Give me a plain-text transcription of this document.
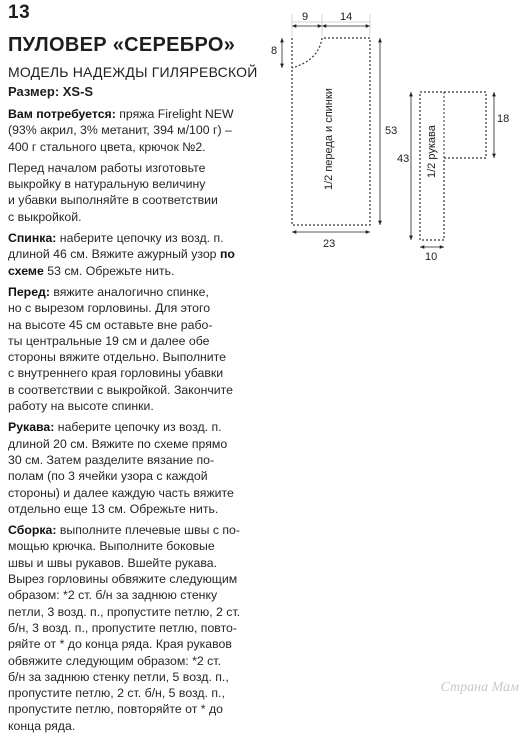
13
ПУЛОВЕР «СЕРЕБРО»
МОДЕЛЬ НАДЕЖДЫ ГИЛЯРЕВСКОЙ
Размер: XS-S
Вам потребуется: пряжа Firelight NEW
(93% акрил, 3% метанит, 394 м/100 г) –
400 г стального цвета, крючок №2.
Перед началом работы изготовьте
выкройку в натуральную величину
и убавки выполняйте в соответствии
с выкройкой.
Спинка: наберите цепочку из возд. п.
длиной 46 см. Вяжите ажурный узор по
схеме 53 см. Обрежьте нить.
Перед: вяжите аналогично спинке,
но с вырезом горловины. Для этого
на высоте 45 см оставьте вне рабо-
ты центральные 19 см и далее обе
стороны вяжите отдельно. Выполните
с внутреннего края горловины убавки
в соответствии с выкройкой. Закончите
работу на высоте спинки.
Рукава: наберите цепочку из возд. п.
длиной 20 см. Вяжите по схеме прямо
30 см. Затем разделите вязание по-
полам (по 3 ячейки узора с каждой
стороны) и далее каждую часть вяжите
отдельно еще 13 см. Обрежьте нить.
Сборка: выполните плечевые швы с по-
мощью крючка. Выполните боковые
швы и швы рукавов. Вшейте рукава.
Вырез горловины обвяжите следующим
образом: *2 ст. б/н за заднюю стенку
петли, 3 возд. п., пропустите петлю, 2 ст.
б/н, 3 возд. п., пропустите петлю, повто-
ряйте от * до конца ряда. Края рукавов
обвяжите следующим образом: *2 ст.
б/н за заднюю стенку петли, 5 возд. п.,
пропустите петлю, 2 ст. б/н, 5 возд. п.,
пропустите петлю, повторяйте от * до
конца ряда.
9	14
8
53
23
1/2 переда и спинки	18
43
10
1/2 рукава
Страна Мам
